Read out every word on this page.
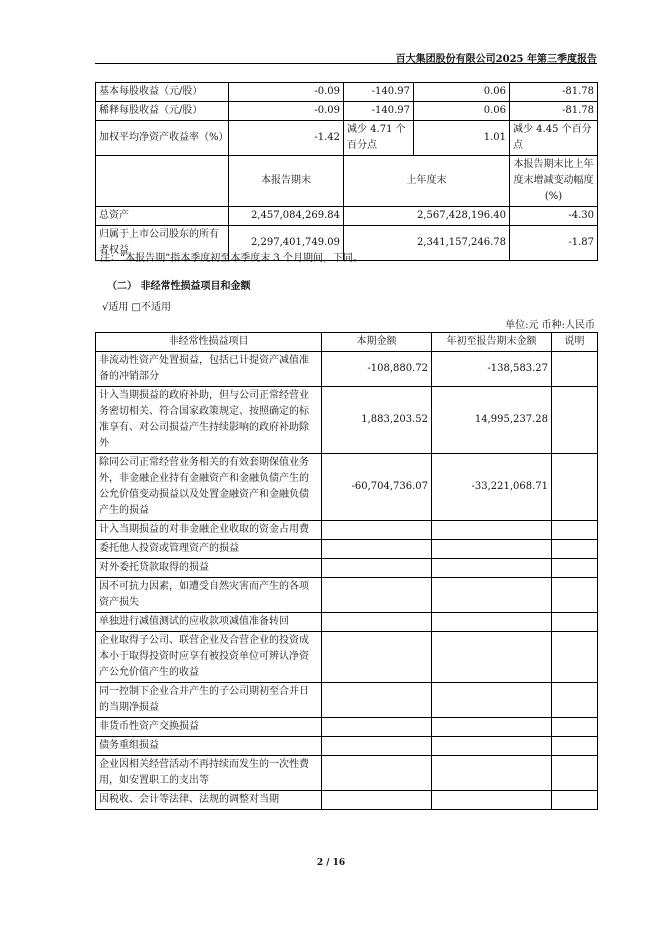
百大集团股份有限公司2025 年第三季度报告
基本每股收益（元/股）	-0.09	-140.97	0.06	-81.78
稀释每股收益（元/股）	-0.09	-140.97	0.06	-81.78
加权平均净资产收益率（%）	-1.42	减少 4.71 个百分点	1.01	减少 4.45 个百分点
	本报告期末	上年度末		本报告期末比上年度末增减变动幅度(%)
总资产	2,457,084,269.84	2,567,428,196.40		-4.30
归属于上市公司股东的所有者权益	2,297,401,749.09	2,341,157,246.78		-1.87
注：“本报告期”指本季度初至本季度末 3 个月期间，下同。
（二） 非经常性损益项目和金额
√适用 □不适用
单位:元 币种:人民币
非经常性损益项目	本期金额	年初至报告期末金额	说明
非流动性资产处置损益，包括已计提资产减值准备的冲销部分	-108,880.72	-138,583.27	
计入当期损益的政府补助，但与公司正常经营业务密切相关、符合国家政策规定、按照确定的标准享有、对公司损益产生持续影响的政府补助除外	1,883,203.52	14,995,237.28	
除同公司正常经营业务相关的有效套期保值业务外，非金融企业持有金融资产和金融负债产生的公允价值变动损益以及处置金融资产和金融负债产生的损益	-60,704,736.07	-33,221,068.71	
计入当期损益的对非金融企业收取的资金占用费			
委托他人投资或管理资产的损益			
对外委托贷款取得的损益			
因不可抗力因素，如遭受自然灾害而产生的各项资产损失			
单独进行减值测试的应收款项减值准备转回			
企业取得子公司、联营企业及合营企业的投资成本小于取得投资时应享有被投资单位可辨认净资产公允价值产生的收益			
同一控制下企业合并产生的子公司期初至合并日的当期净损益			
非货币性资产交换损益			
债务重组损益			
企业因相关经营活动不再持续而发生的一次性费用，如安置职工的支出等			
因税收、会计等法律、法规的调整对当期			
2 / 16
